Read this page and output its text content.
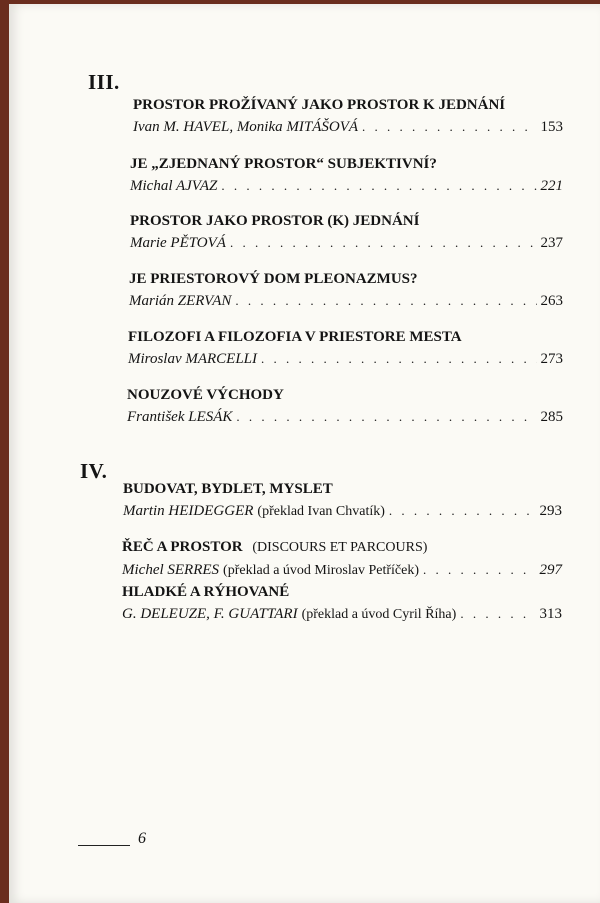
III.
PROSTOR PROŽÍVANÝ JAKO PROSTOR K JEDNÁNÍ
Ivan M. HAVEL, Monika MITÁŠOVÁ . . .	153
JE „ZJEDNANÝ PROSTOR“ SUBJEKTIVNÍ?
Michal AJVAZ . . .	221
PROSTOR JAKO PROSTOR (K) JEDNÁNÍ
Marie PĚTOVÁ . . .	237
JE PRIESTOROVÝ DOM PLEONAZMUS?
Marián ZERVAN . . .	263
FILOZOFI A FILOZOFIA V PRIESTORE MESTA
Miroslav MARCELLI . . .	273
NOUZOVÉ VÝCHODY
František LESÁK . . .	285
IV.
BUDOVAT, BYDLET, MYSLET
Martin HEIDEGGER (překlad Ivan Chvatík) . . .	293
ŘEČ A PROSTOR (DISCOURS ET PARCOURS)
Michel SERRES (překlad a úvod Miroslav Petříček) . . .	297
HLADKÉ A RÝHOVANÉ
G. DELEUZE, F. GUATTARI (překlad a úvod Cyril Říha) . . .	313
6
